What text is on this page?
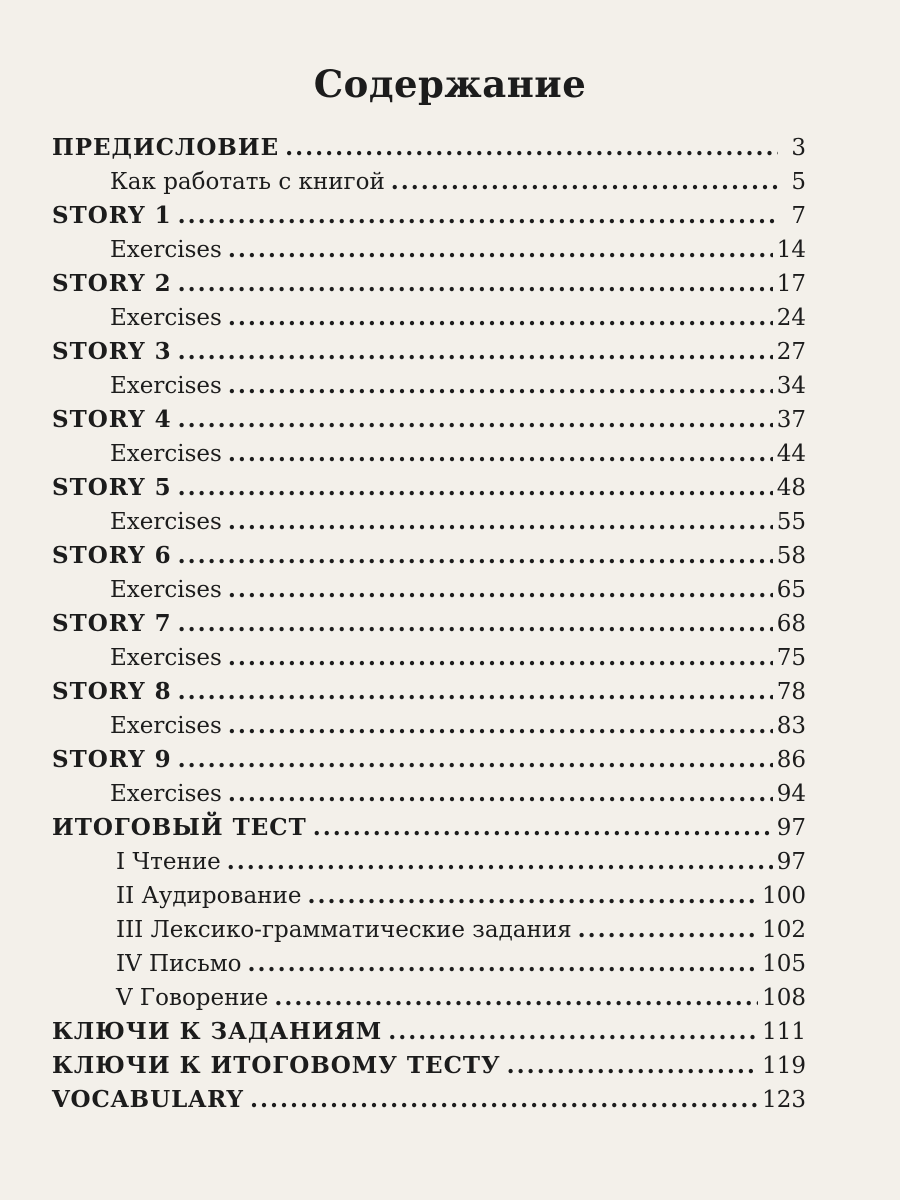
Содержание
ПРЕДИСЛОВИЕ .....	3
Как работать с книгой .....	5
STORY 1 .....	7
Exercises .....	14
STORY 2 .....	17
Exercises .....	24
STORY 3 .....	27
Exercises .....	34
STORY 4 .....	37
Exercises .....	44
STORY 5 .....	48
Exercises .....	55
STORY 6 .....	58
Exercises .....	65
STORY 7 .....	68
Exercises .....	75
STORY 8 .....	78
Exercises .....	83
STORY 9 .....	86
Exercises .....	94
ИТОГОВЫЙ ТЕСТ .....	97
I Чтение .....	97
II Аудирование .....	100
III Лексико-грамматические задания .....	102
IV Письмо .....	105
V Говорение .....	108
КЛЮЧИ К ЗАДАНИЯМ .....	111
КЛЮЧИ К ИТОГОВОМУ ТЕСТУ .....	119
VOCABULARY .....	123
